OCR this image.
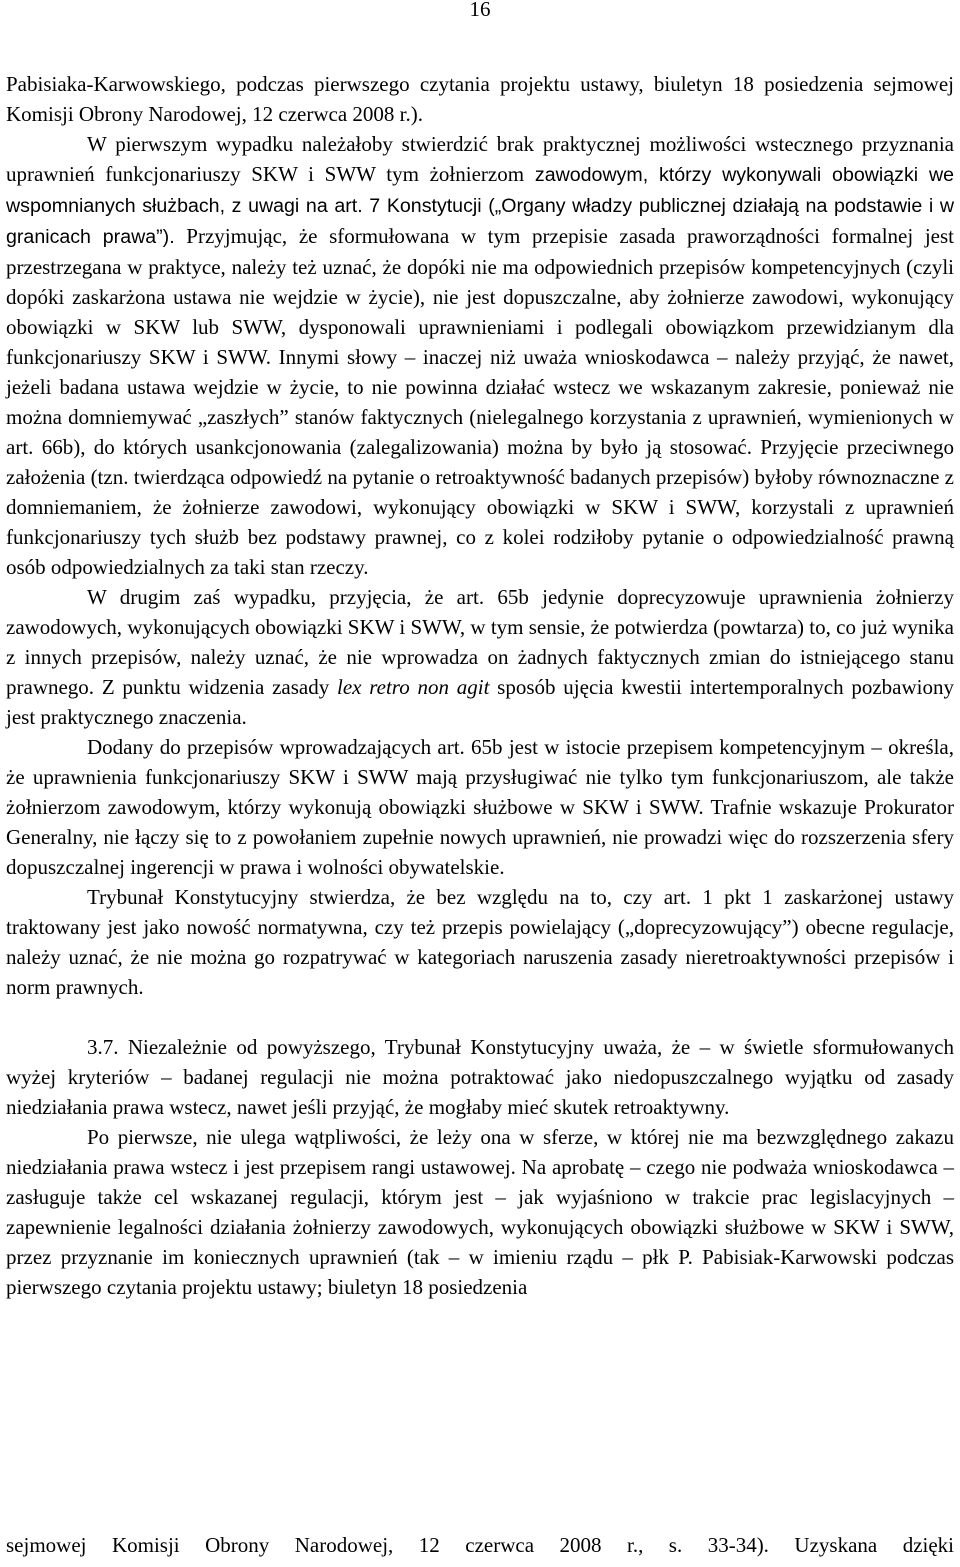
16

Pabisiaka-Karwowskiego, podczas pierwszego czytania projektu ustawy, biuletyn 18 posiedzenia sejmowej Komisji Obrony Narodowej, 12 czerwca 2008 r.).

W pierwszym wypadku należałoby stwierdzić brak praktycznej możliwości wstecznego przyznania uprawnień funkcjonariuszy SKW i SWW tym żołnierzom zawodowym, którzy wykonywali obowiązki we wspomnianych służbach, z uwagi na art. 7 Konstytucji („Organy władzy publicznej działają na podstawie i w granicach prawa”). Przyjmując, że sformułowana w tym przepisie zasada praworządności formalnej jest przestrzegana w praktyce, należy też uznać, że dopóki nie ma odpowiednich przepisów kompetencyjnych (czyli dopóki zaskarżona ustawa nie wejdzie w życie), nie jest dopuszczalne, aby żołnierze zawodowi, wykonujący obowiązki w SKW lub SWW, dysponowali uprawnieniami i podlegali obowiązkom przewidzianym dla funkcjonariuszy SKW i SWW. Innymi słowy – inaczej niż uważa wnioskodawca – należy przyjąć, że nawet, jeżeli badana ustawa wejdzie w życie, to nie powinna działać wstecz we wskazanym zakresie, ponieważ nie można domniemywać „zaszłych” stanów faktycznych (nielegalnego korzystania z uprawnień, wymienionych w art. 66b), do których usankcjonowania (zalegalizowania) można by było ją stosować. Przyjęcie przeciwnego założenia (tzn. twierdząca odpowiedź na pytanie o retroaktywność badanych przepisów) byłoby równoznaczne z domniemaniem, że żołnierze zawodowi, wykonujący obowiązki w SKW i SWW, korzystali z uprawnień funkcjonariuszy tych służb bez podstawy prawnej, co z kolei rodziłoby pytanie o odpowiedzialność prawną osób odpowiedzialnych za taki stan rzeczy.

W drugim zaś wypadku, przyjęcia, że art. 65b jedynie doprecyzowuje uprawnienia żołnierzy zawodowych, wykonujących obowiązki SKW i SWW, w tym sensie, że potwierdza (powtarza) to, co już wynika z innych przepisów, należy uznać, że nie wprowadza on żadnych faktycznych zmian do istniejącego stanu prawnego. Z punktu widzenia zasady lex retro non agit sposób ujęcia kwestii intertemporalnych pozbawiony jest praktycznego znaczenia.

Dodany do przepisów wprowadzających art. 65b jest w istocie przepisem kompetencyjnym – określa, że uprawnienia funkcjonariuszy SKW i SWW mają przysługiwać nie tylko tym funkcjonariuszom, ale także żołnierzom zawodowym, którzy wykonują obowiązki służbowe w SKW i SWW. Trafnie wskazuje Prokurator Generalny, nie łączy się to z powołaniem zupełnie nowych uprawnień, nie prowadzi więc do rozszerzenia sfery dopuszczalnej ingerencji w prawa i wolności obywatelskie.

Trybunał Konstytucyjny stwierdza, że bez względu na to, czy art. 1 pkt 1 zaskarżonej ustawy traktowany jest jako nowość normatywna, czy też przepis powielający („doprecyzowujący”) obecne regulacje, należy uznać, że nie można go rozpatrywać w kategoriach naruszenia zasady nieretroaktywności przepisów i norm prawnych.

3.7. Niezależnie od powyższego, Trybunał Konstytucyjny uważa, że – w świetle sformułowanych wyżej kryteriów – badanej regulacji nie można potraktować jako niedopuszczalnego wyjątku od zasady niedziałania prawa wstecz, nawet jeśli przyjąć, że mogłaby mieć skutek retroaktywny.

Po pierwsze, nie ulega wątpliwości, że leży ona w sferze, w której nie ma bezwzględnego zakazu niedziałania prawa wstecz i jest przepisem rangi ustawowej. Na aprobatę – czego nie podważa wnioskodawca – zasługuje także cel wskazanej regulacji, którym jest – jak wyjaśniono w trakcie prac legislacyjnych – zapewnienie legalności działania żołnierzy zawodowych, wykonujących obowiązki służbowe w SKW i SWW, przez przyznanie im koniecznych uprawnień (tak – w imieniu rządu – płk P. Pabisiak-Karwowski podczas pierwszego czytania projektu ustawy; biuletyn 18 posiedzenia

sejmowej Komisji Obrony Narodowej, 12 czerwca 2008 r., s. 33-34). Uzyskana dzięki
